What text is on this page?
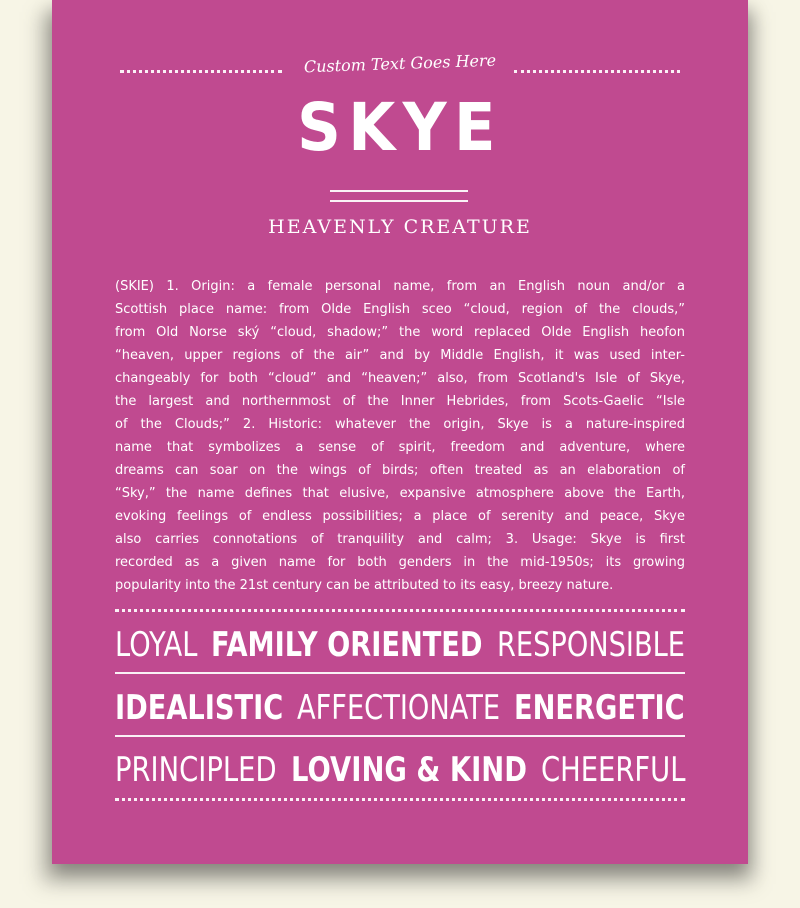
Custom Text Goes Here
SKYE
HEAVENLY CREATURE
(SKIE) 1. Origin: a female personal name, from an English noun and/or a
Scottish place name: from Olde English sceo “cloud, region of the clouds,”
from Old Norse ský “cloud, shadow;” the word replaced Olde English heofon
“heaven, upper regions of the air” and by Middle English, it was used inter-
changeably for both “cloud” and “heaven;” also, from Scotland's Isle of Skye,
the largest and northernmost of the Inner Hebrides, from Scots-Gaelic “Isle
of the Clouds;” 2. Historic: whatever the origin, Skye is a nature-inspired
name that symbolizes a sense of spirit, freedom and adventure, where
dreams can soar on the wings of birds; often treated as an elaboration of
“Sky,” the name defines that elusive, expansive atmosphere above the Earth,
evoking feelings of endless possibilities; a place of serenity and peace, Skye
also carries connotations of tranquility and calm; 3. Usage: Skye is first
recorded as a given name for both genders in the mid-1950s; its growing
popularity into the 21st century can be attributed to its easy, breezy nature.
LOYAL FAMILY ORIENTED RESPONSIBLE
IDEALISTIC AFFECTIONATE ENERGETIC
PRINCIPLED LOVING & KIND CHEERFUL
